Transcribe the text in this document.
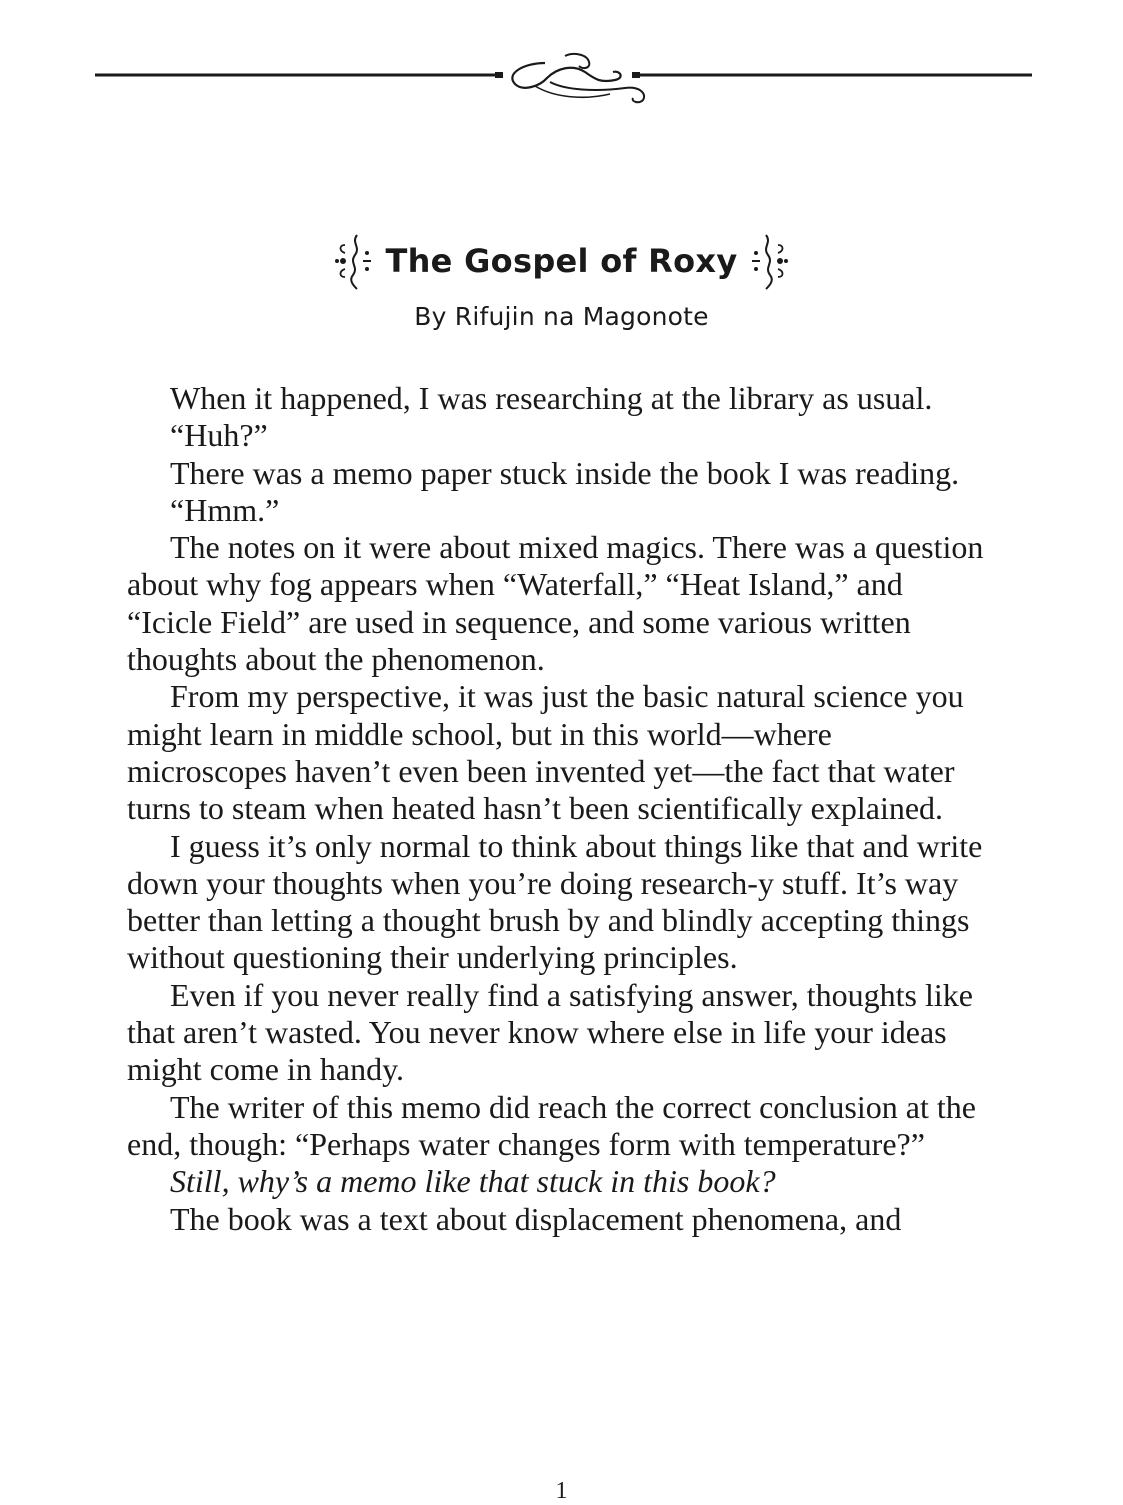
The Gospel of Roxy
By Rifujin na Magonote

When it happened, I was researching at the library as usual.

“Huh?”

There was a memo paper stuck inside the book I was reading.

“Hmm.”

The notes on it were about mixed magics. There was a question about why fog appears when “Waterfall,” “Heat Island,” and “Icicle Field” are used in sequence, and some various written thoughts about the phenomenon.

From my perspective, it was just the basic natural science you might learn in middle school, but in this world—where microscopes haven’t even been invented yet—the fact that water turns to steam when heated hasn’t been scientifically explained.

I guess it’s only normal to think about things like that and write down your thoughts when you’re doing research-y stuff. It’s way better than letting a thought brush by and blindly accepting things without questioning their underlying principles.

Even if you never really find a satisfying answer, thoughts like that aren’t wasted. You never know where else in life your ideas might come in handy.

The writer of this memo did reach the correct conclusion at the end, though: “Perhaps water changes form with temperature?”

Still, why’s a memo like that stuck in this book?

The book was a text about displacement phenomena, and

1
